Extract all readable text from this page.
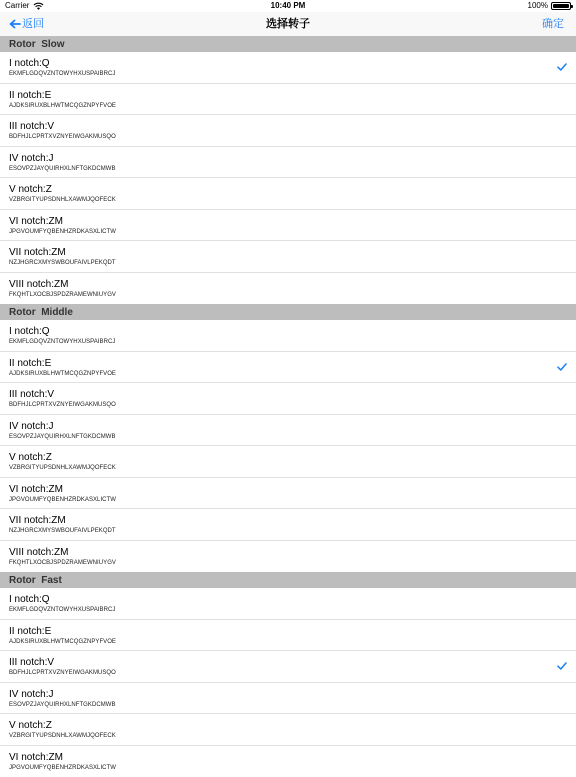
Carrier	10:40 PM	100%
返回	选择转子	确定
Rotor  Slow
I notch:Q
EKMFLGDQVZNTOWYHXUSPAIBRCJ
II notch:E
AJDKSIRUXBLHWTMCQGZNPYFVOE
III notch:V
BDFHJLCPRTXVZNYEIWGAKMUSQO
IV notch:J
ESOVPZJAYQUIRHXLNFTGKDCMWB
V notch:Z
VZBRGITYUPSDNHLXAWMJQOFECK
VI notch:ZM
JPGVOUMFYQBENHZRDKASXLICTW
VII notch:ZM
NZJHGRCXMYSWBOUFAIVLPEKQDT
VIII notch:ZM
FKQHTLXOCBJSPDZRAMEWNIUYGV
Rotor  Middle
I notch:Q
EKMFLGDQVZNTOWYHXUSPAIBRCJ
II notch:E
AJDKSIRUXBLHWTMCQGZNPYFVOE
III notch:V
BDFHJLCPRTXVZNYEIWGAKMUSQO
IV notch:J
ESOVPZJAYQUIRHXLNFTGKDCMWB
V notch:Z
VZBRGITYUPSDNHLXAWMJQOFECK
VI notch:ZM
JPGVOUMFYQBENHZRDKASXLICTW
VII notch:ZM
NZJHGRCXMYSWBOUFAIVLPEKQDT
VIII notch:ZM
FKQHTLXOCBJSPDZRAMEWNIUYGV
Rotor  Fast
I notch:Q
EKMFLGDQVZNTOWYHXUSPAIBRCJ
II notch:E
AJDKSIRUXBLHWTMCQGZNPYFVOE
III notch:V
BDFHJLCPRTXVZNYEIWGAKMUSQO
IV notch:J
ESOVPZJAYQUIRHXLNFTGKDCMWB
V notch:Z
VZBRGITYUPSDNHLXAWMJQOFECK
VI notch:ZM
JPGVOUMFYQBENHZRDKASXLICTW
